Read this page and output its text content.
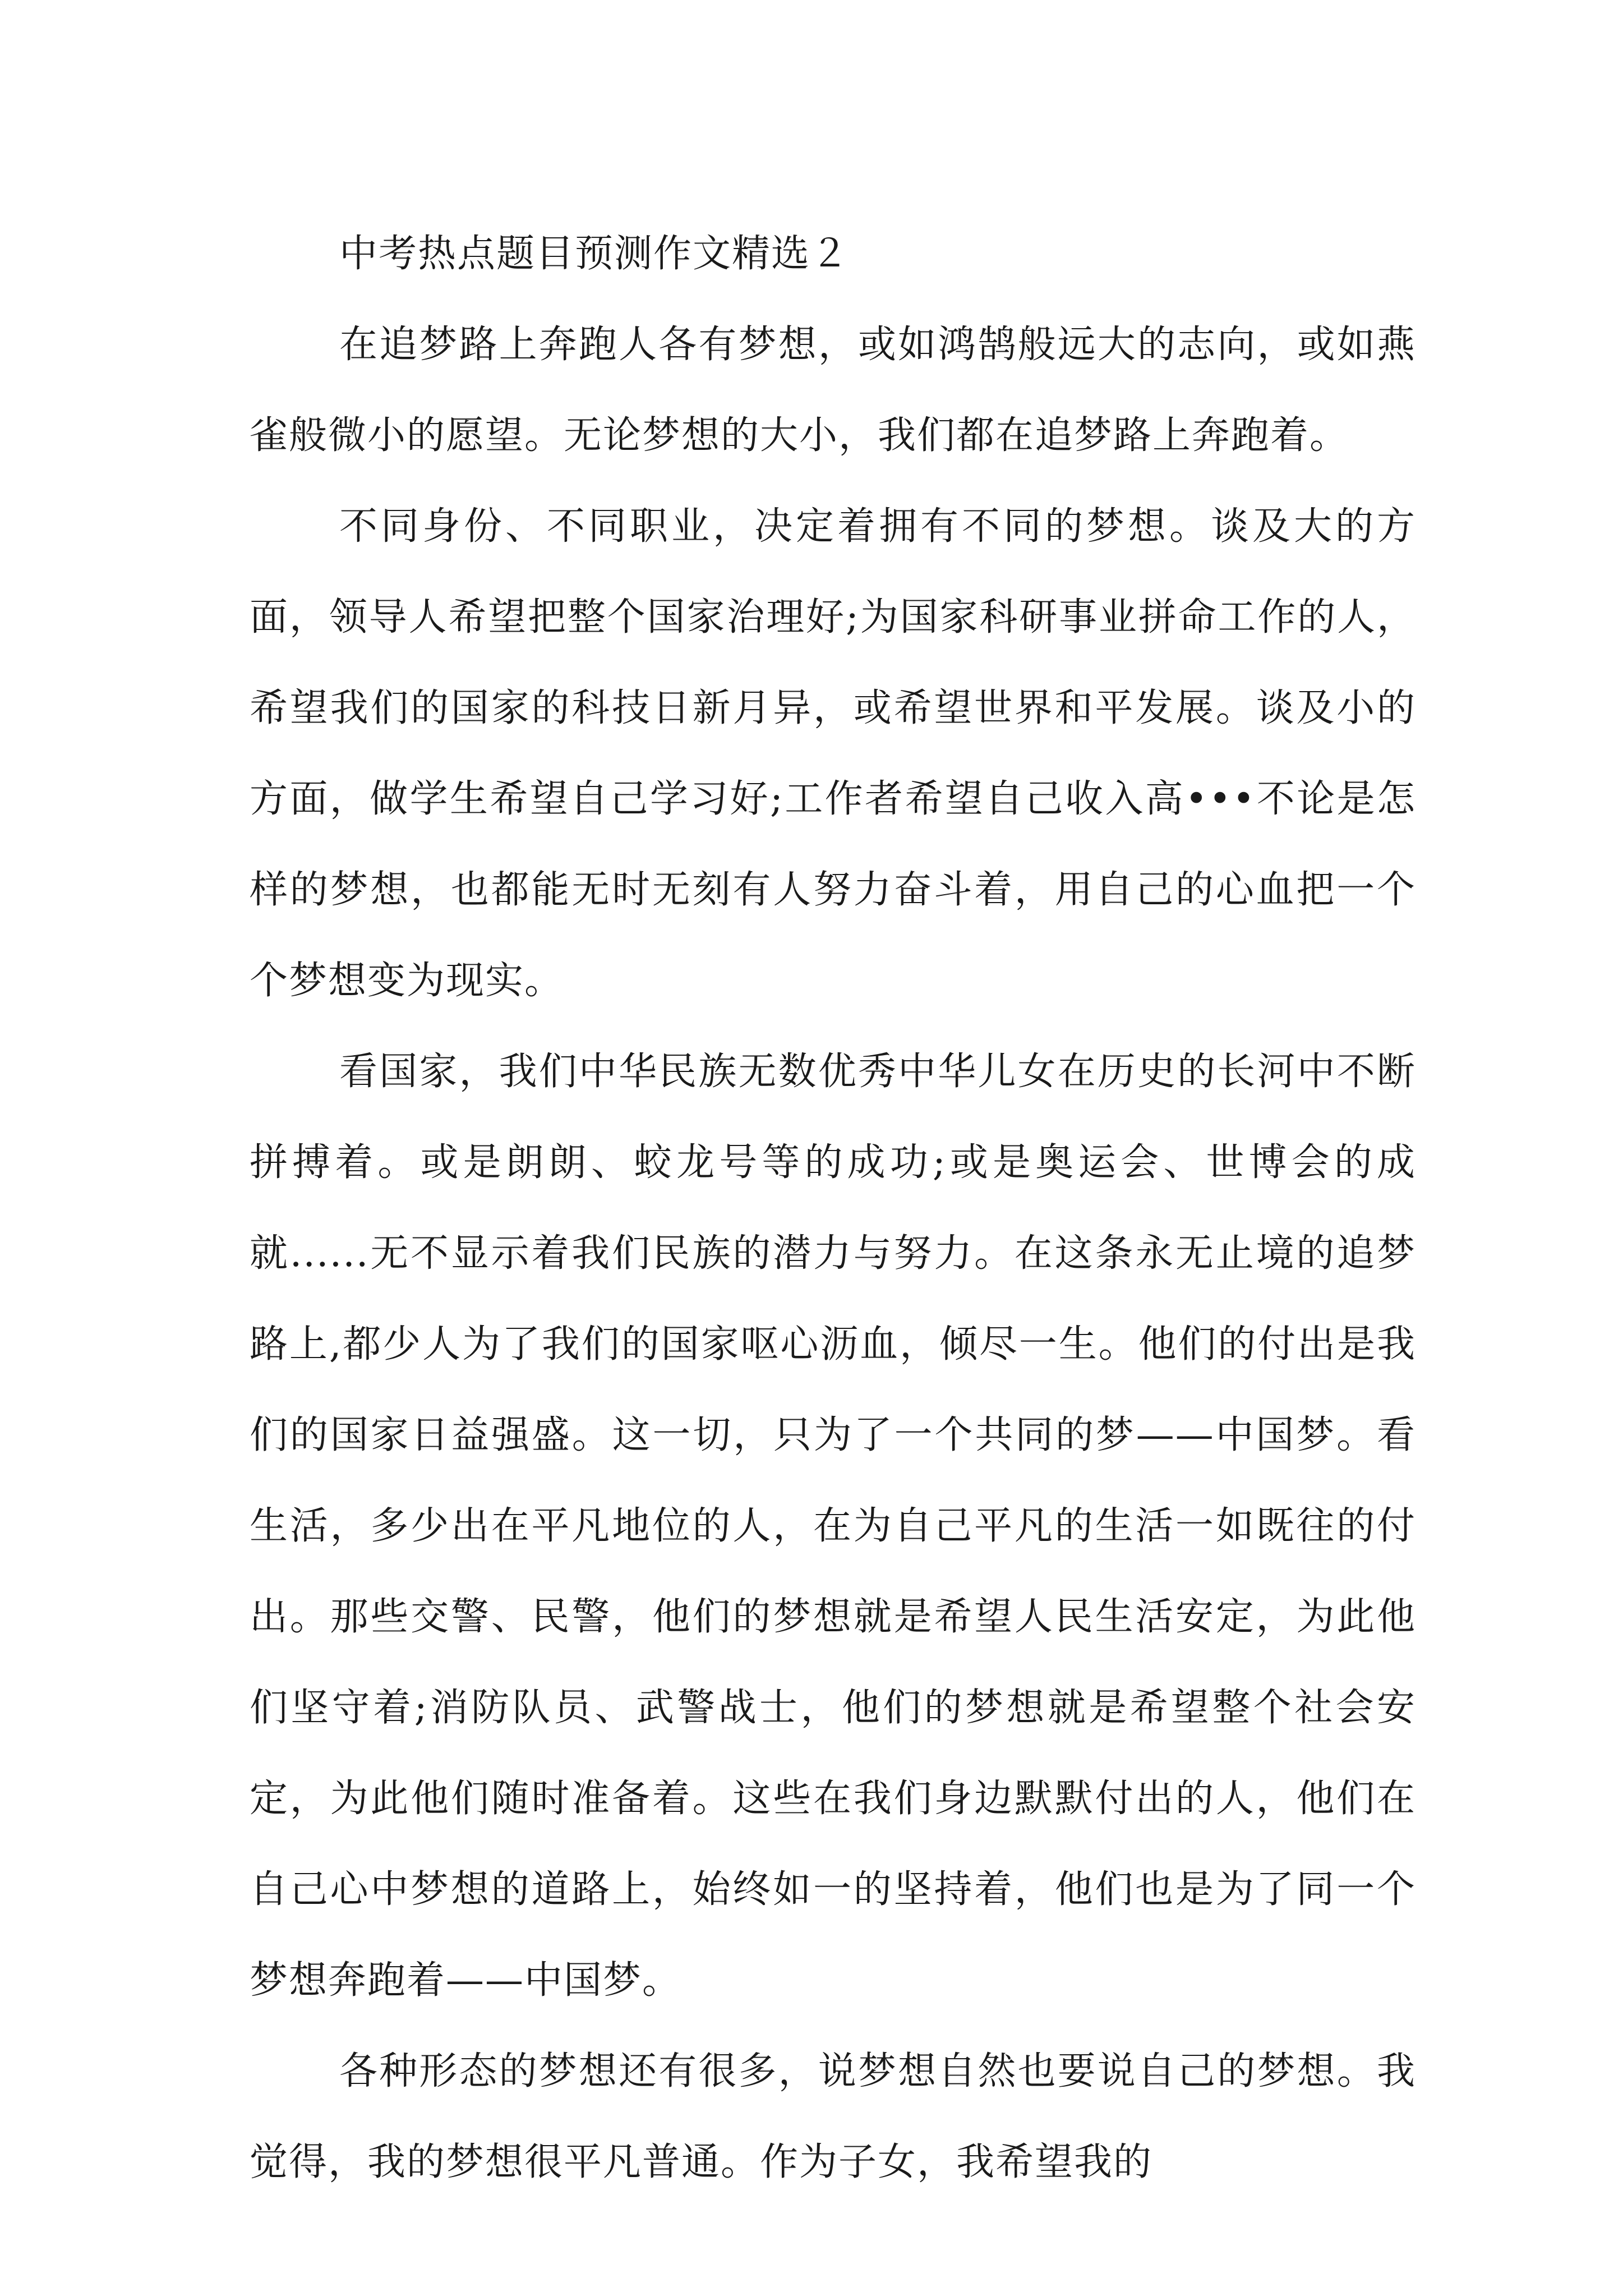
中考热点题目预测作文精选２

在追梦路上奔跑人各有梦想，或如鸿鹄般远大的志向，或如燕雀般微小的愿望。无论梦想的大小，我们都在追梦路上奔跑着。

不同身份、不同职业，决定着拥有不同的梦想。谈及大的方面，领导人希望把整个国家治理好;为国家科研事业拼命工作的人，希望我们的国家的科技日新月异，或希望世界和平发展。谈及小的方面，做学生希望自己学习好;工作者希望自己收入高•••不论是怎样的梦想，也都能无时无刻有人努力奋斗着，用自己的心血把一个个梦想变为现实。

看国家，我们中华民族无数优秀中华儿女在历史的长河中不断拼搏着。或是朗朗、蛟龙号等的成功;或是奥运会、世博会的成就......无不显示着我们民族的潜力与努力。在这条永无止境的追梦路上,都少人为了我们的国家呕心沥血，倾尽一生。他们的付出是我们的国家日益强盛。这一切，只为了一个共同的梦——中国梦。看生活，多少出在平凡地位的人，在为自己平凡的生活一如既往的付出。那些交警、民警，他们的梦想就是希望人民生活安定，为此他们坚守着;消防队员、武警战士，他们的梦想就是希望整个社会安定，为此他们随时准备着。这些在我们身边默默付出的人，他们在自己心中梦想的道路上，始终如一的坚持着，他们也是为了同一个梦想奔跑着——中国梦。

各种形态的梦想还有很多，说梦想自然也要说自己的梦想。我觉得，我的梦想很平凡普通。作为子女，我希望我的
